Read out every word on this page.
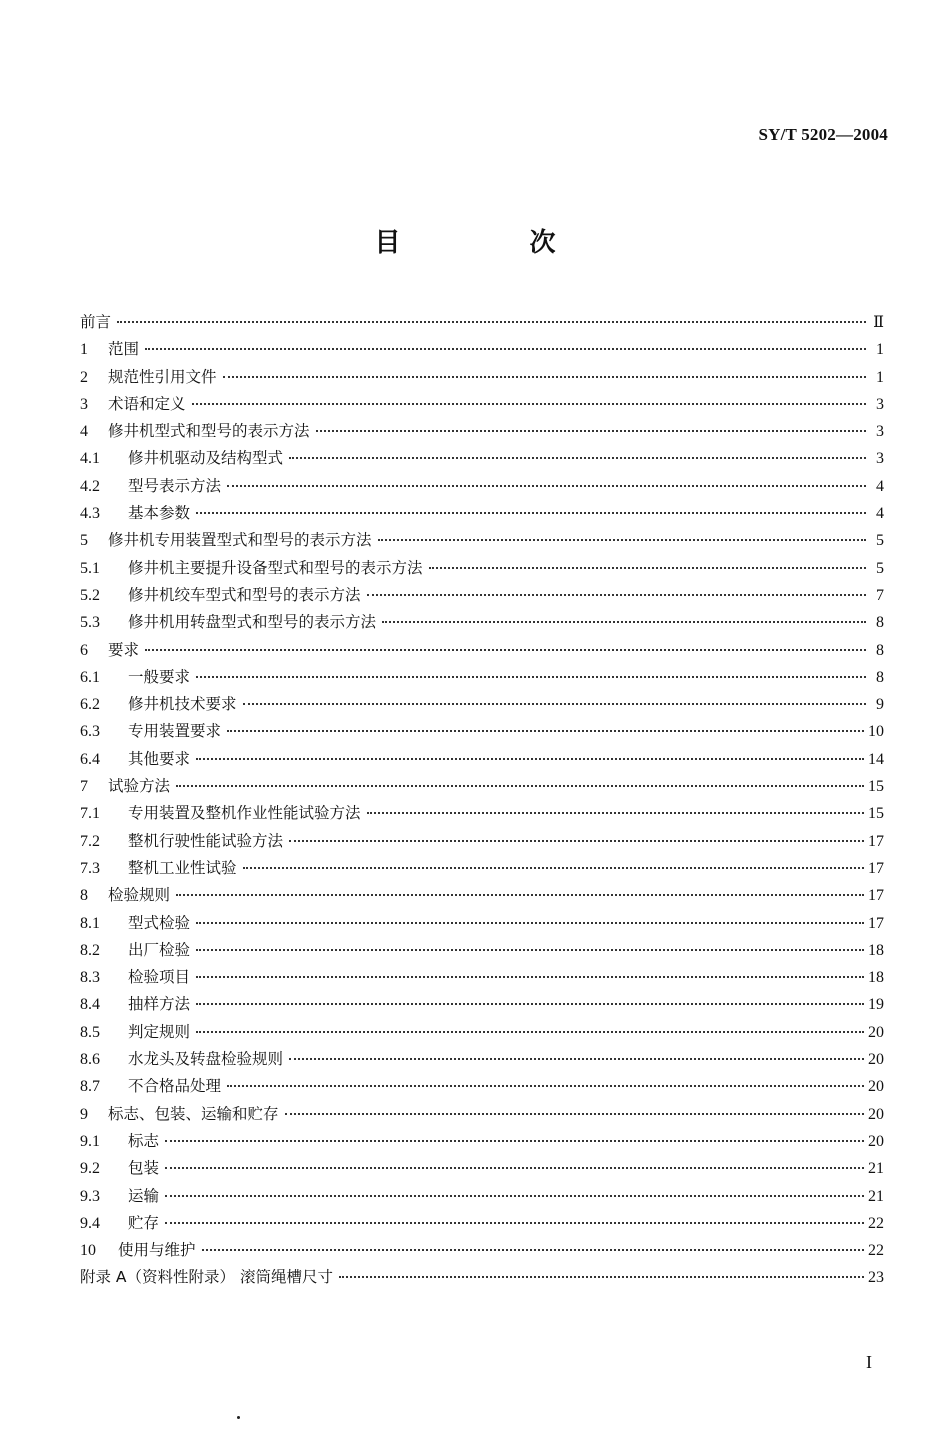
SY/T 5202—2004
目 次
前言	Ⅱ
1	范围	1
2	规范性引用文件	1
3	术语和定义	3
4	修井机型式和型号的表示方法	3
4.1	修井机驱动及结构型式	3
4.2	型号表示方法	4
4.3	基本参数	4
5	修井机专用装置型式和型号的表示方法	5
5.1	修井机主要提升设备型式和型号的表示方法	5
5.2	修井机绞车型式和型号的表示方法	7
5.3	修井机用转盘型式和型号的表示方法	8
6	要求	8
6.1	一般要求	8
6.2	修井机技术要求	9
6.3	专用装置要求	10
6.4	其他要求	14
7	试验方法	15
7.1	专用装置及整机作业性能试验方法	15
7.2	整机行驶性能试验方法	17
7.3	整机工业性试验	17
8	检验规则	17
8.1	型式检验	17
8.2	出厂检验	18
8.3	检验项目	18
8.4	抽样方法	19
8.5	判定规则	20
8.6	水龙头及转盘检验规则	20
8.7	不合格品处理	20
9	标志、包装、运输和贮存	20
9.1	标志	20
9.2	包装	21
9.3	运输	21
9.4	贮存	22
10	使用与维护	22
附录 A（资料性附录） 滚筒绳槽尺寸	23
I
